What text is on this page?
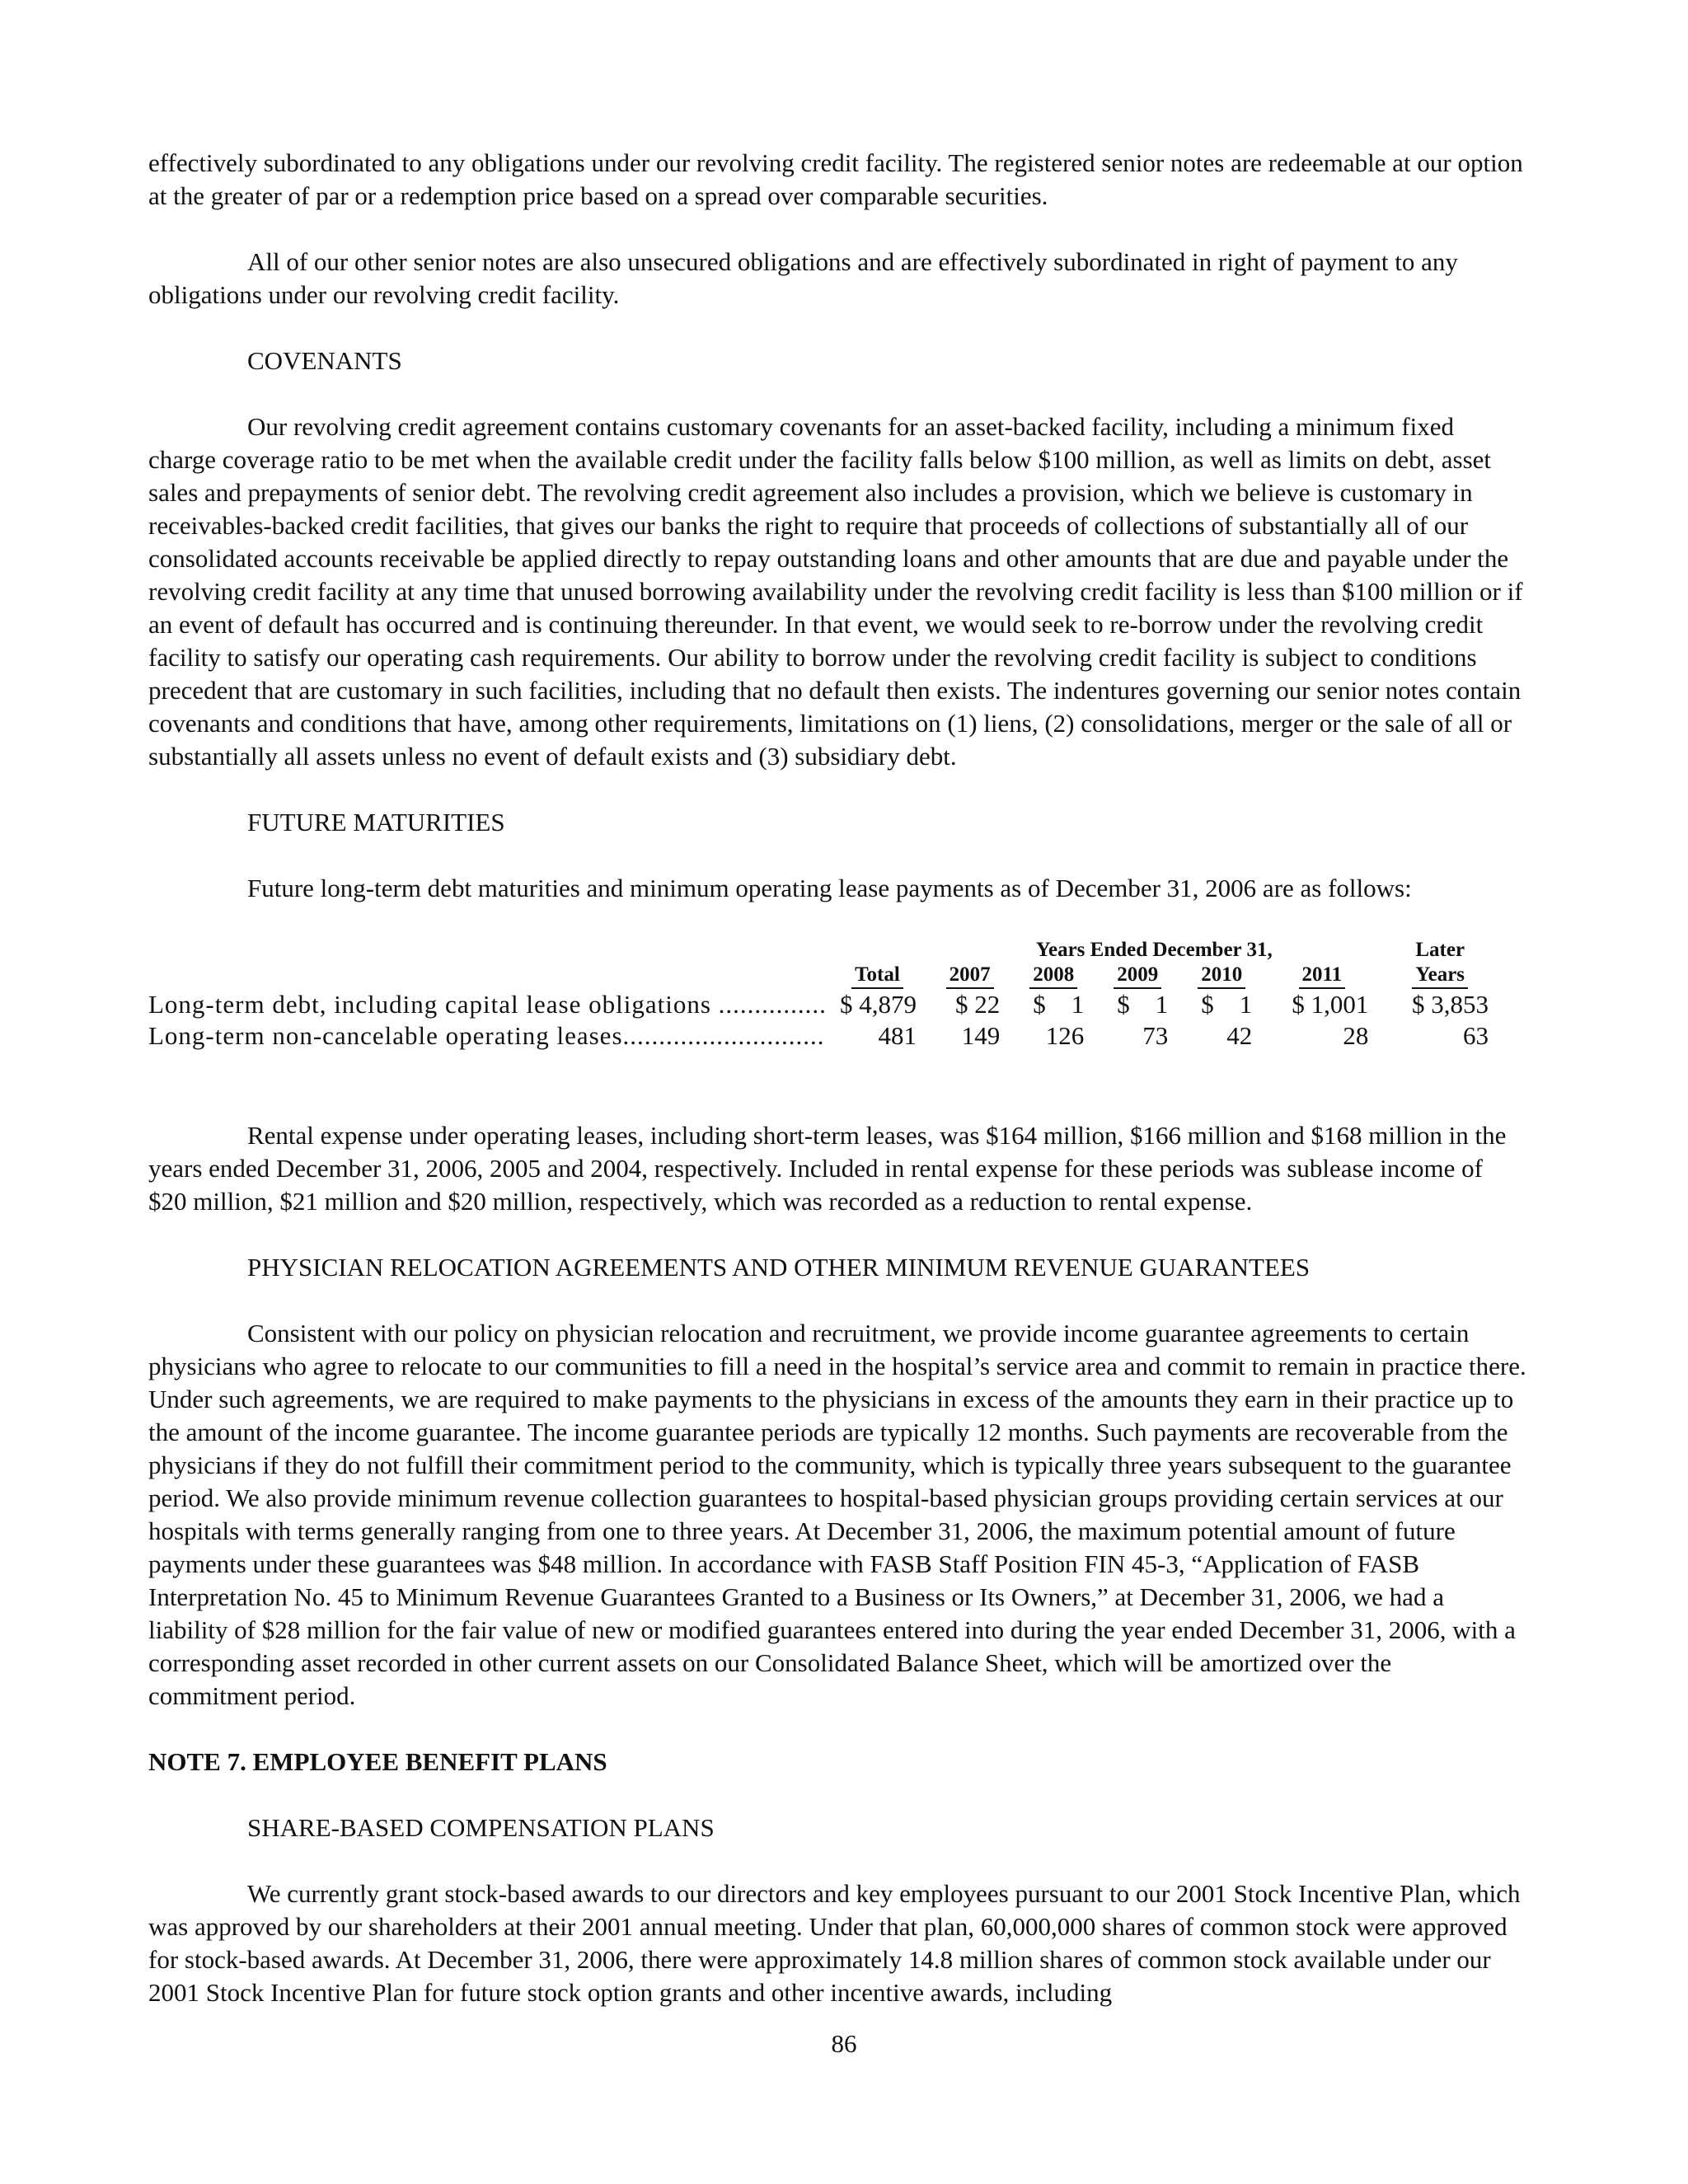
effectively subordinated to any obligations under our revolving credit facility. The registered senior notes are redeemable at our option at the greater of par or a redemption price based on a spread over comparable securities.

All of our other senior notes are also unsecured obligations and are effectively subordinated in right of payment to any obligations under our revolving credit facility.

COVENANTS

Our revolving credit agreement contains customary covenants for an asset-backed facility, including a minimum fixed charge coverage ratio to be met when the available credit under the facility falls below $100 million, as well as limits on debt, asset sales and prepayments of senior debt. The revolving credit agreement also includes a provision, which we believe is customary in receivables-backed credit facilities, that gives our banks the right to require that proceeds of collections of substantially all of our consolidated accounts receivable be applied directly to repay outstanding loans and other amounts that are due and payable under the revolving credit facility at any time that unused borrowing availability under the revolving credit facility is less than $100 million or if an event of default has occurred and is continuing thereunder. In that event, we would seek to re-borrow under the revolving credit facility to satisfy our operating cash requirements. Our ability to borrow under the revolving credit facility is subject to conditions precedent that are customary in such facilities, including that no default then exists. The indentures governing our senior notes contain covenants and conditions that have, among other requirements, limitations on (1) liens, (2) consolidations, merger or the sale of all or substantially all assets unless no event of default exists and (3) subsidiary debt.

FUTURE MATURITIES

Future long-term debt maturities and minimum operating lease payments as of December 31, 2006 are as follows:

		Years Ended December 31,					Later
	Total	2007	2008	2009	2010	2011	Years
Long-term debt, including capital lease obligations ...............	$ 4,879	$ 22	$    1	$    1	$    1	$ 1,001	$ 3,853
Long-term non-cancelable operating leases............................	481	149	126	73	42	28	63

Rental expense under operating leases, including short-term leases, was $164 million, $166 million and $168 million in the years ended December 31, 2006, 2005 and 2004, respectively. Included in rental expense for these periods was sublease income of $20 million, $21 million and $20 million, respectively, which was recorded as a reduction to rental expense.

PHYSICIAN RELOCATION AGREEMENTS AND OTHER MINIMUM REVENUE GUARANTEES

Consistent with our policy on physician relocation and recruitment, we provide income guarantee agreements to certain physicians who agree to relocate to our communities to fill a need in the hospital’s service area and commit to remain in practice there. Under such agreements, we are required to make payments to the physicians in excess of the amounts they earn in their practice up to the amount of the income guarantee. The income guarantee periods are typically 12 months. Such payments are recoverable from the physicians if they do not fulfill their commitment period to the community, which is typically three years subsequent to the guarantee period. We also provide minimum revenue collection guarantees to hospital-based physician groups providing certain services at our hospitals with terms generally ranging from one to three years. At December 31, 2006, the maximum potential amount of future payments under these guarantees was $48 million. In accordance with FASB Staff Position FIN 45-3, “Application of FASB Interpretation No. 45 to Minimum Revenue Guarantees Granted to a Business or Its Owners,” at December 31, 2006, we had a liability of $28 million for the fair value of new or modified guarantees entered into during the year ended December 31, 2006, with a corresponding asset recorded in other current assets on our Consolidated Balance Sheet, which will be amortized over the commitment period.

NOTE 7. EMPLOYEE BENEFIT PLANS

SHARE-BASED COMPENSATION PLANS

We currently grant stock-based awards to our directors and key employees pursuant to our 2001 Stock Incentive Plan, which was approved by our shareholders at their 2001 annual meeting. Under that plan, 60,000,000 shares of common stock were approved for stock-based awards. At December 31, 2006, there were approximately 14.8 million shares of common stock available under our 2001 Stock Incentive Plan for future stock option grants and other incentive awards, including

86
